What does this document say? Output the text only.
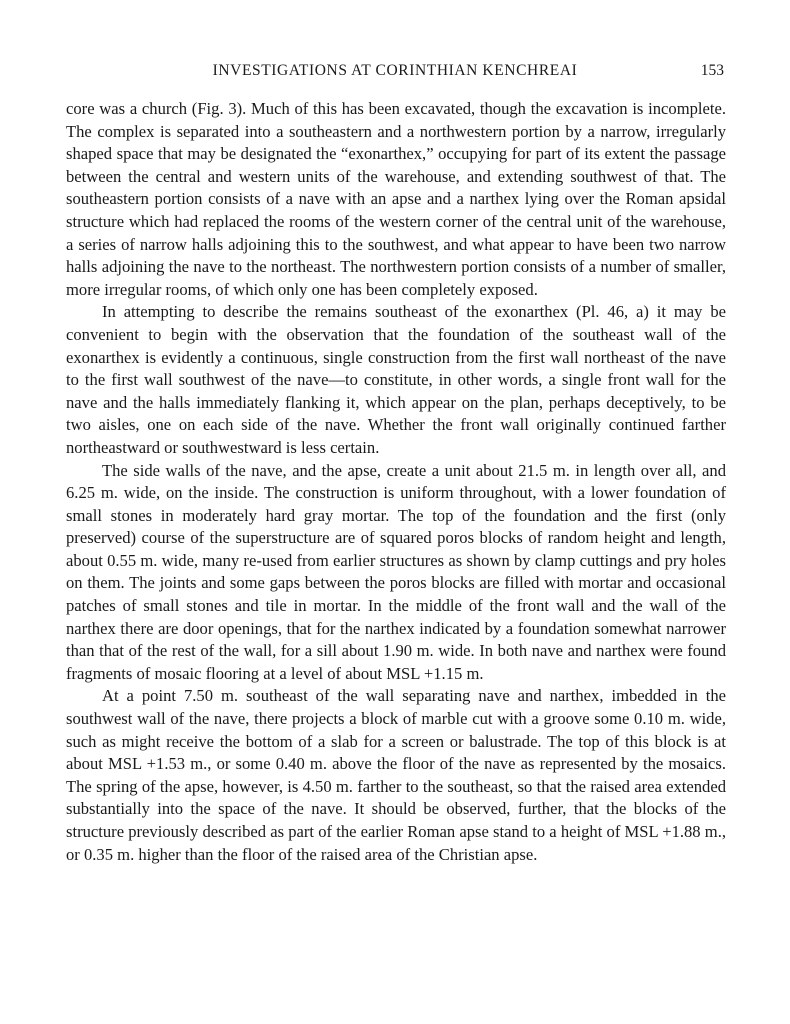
INVESTIGATIONS AT CORINTHIAN KENCHREAI	153

core was a church (Fig. 3). Much of this has been excavated, though the excavation is incomplete. The complex is separated into a southeastern and a northwestern portion by a narrow, irregularly shaped space that may be designated the “exonarthex,” occupying for part of its extent the passage between the central and western units of the warehouse, and extending southwest of that. The southeastern portion consists of a nave with an apse and a narthex lying over the Roman apsidal structure which had replaced the rooms of the western corner of the central unit of the warehouse, a series of narrow halls adjoining this to the southwest, and what appear to have been two narrow halls adjoining the nave to the northeast. The northwestern portion consists of a number of smaller, more irregular rooms, of which only one has been completely exposed.

In attempting to describe the remains southeast of the exonarthex (Pl. 46, a) it may be convenient to begin with the observation that the foundation of the southeast wall of the exonarthex is evidently a continuous, single construction from the first wall northeast of the nave to the first wall southwest of the nave—to constitute, in other words, a single front wall for the nave and the halls immediately flanking it, which appear on the plan, perhaps deceptively, to be two aisles, one on each side of the nave. Whether the front wall originally continued farther northeastward or southwestward is less certain.

The side walls of the nave, and the apse, create a unit about 21.5 m. in length over all, and 6.25 m. wide, on the inside. The construction is uniform throughout, with a lower foundation of small stones in moderately hard gray mortar. The top of the foundation and the first (only preserved) course of the superstructure are of squared poros blocks of random height and length, about 0.55 m. wide, many re-used from earlier structures as shown by clamp cuttings and pry holes on them. The joints and some gaps between the poros blocks are filled with mortar and occasional patches of small stones and tile in mortar. In the middle of the front wall and the wall of the narthex there are door openings, that for the narthex indicated by a foundation somewhat narrower than that of the rest of the wall, for a sill about 1.90 m. wide. In both nave and narthex were found fragments of mosaic flooring at a level of about MSL +1.15 m.

At a point 7.50 m. southeast of the wall separating nave and narthex, imbedded in the southwest wall of the nave, there projects a block of marble cut with a groove some 0.10 m. wide, such as might receive the bottom of a slab for a screen or balustrade. The top of this block is at about MSL +1.53 m., or some 0.40 m. above the floor of the nave as represented by the mosaics. The spring of the apse, however, is 4.50 m. farther to the southeast, so that the raised area extended substantially into the space of the nave. It should be observed, further, that the blocks of the structure previously described as part of the earlier Roman apse stand to a height of MSL +1.88 m., or 0.35 m. higher than the floor of the raised area of the Christian apse.
